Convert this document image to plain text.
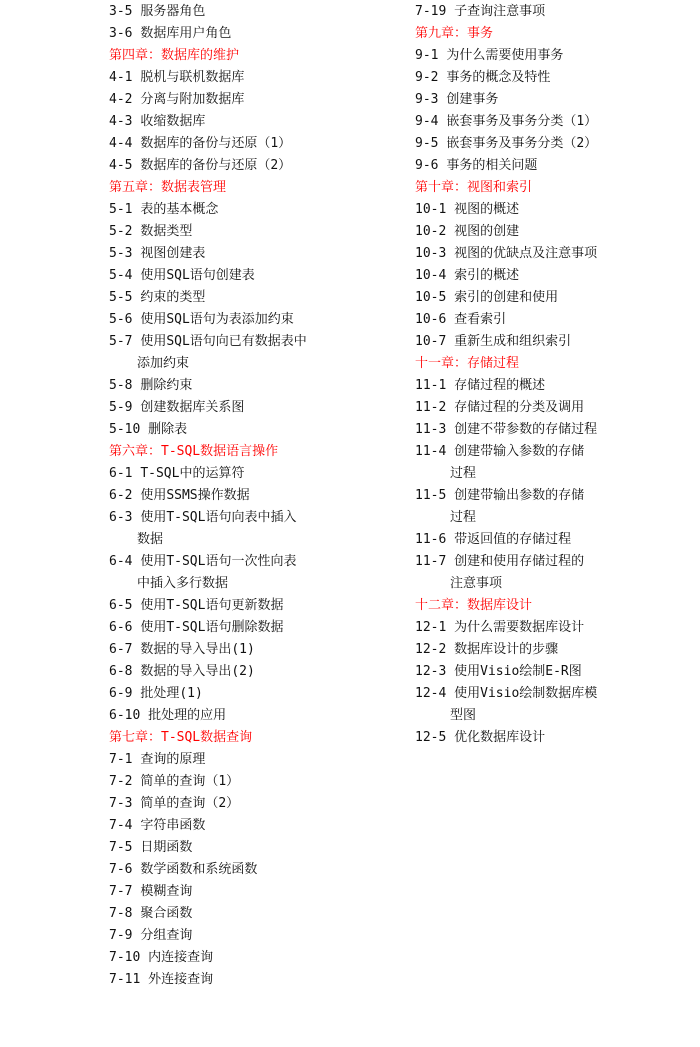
3-5 服务器角色
3-6 数据库用户角色
第四章：数据库的维护
4-1 脱机与联机数据库
4-2 分离与附加数据库
4-3 收缩数据库
4-4 数据库的备份与还原（1）
4-5 数据库的备份与还原（2）
第五章：数据表管理
5-1 表的基本概念
5-2 数据类型
5-3 视图创建表
5-4 使用SQL语句创建表
5-5 约束的类型
5-6 使用SQL语句为表添加约束
5-7 使用SQL语句向已有数据表中
添加约束
5-8 删除约束
5-9 创建数据库关系图
5-10 删除表
第六章：T-SQL数据语言操作
6-1 T-SQL中的运算符
6-2 使用SSMS操作数据
6-3 使用T-SQL语句向表中插入
数据
6-4 使用T-SQL语句一次性向表
中插入多行数据
6-5 使用T-SQL语句更新数据
6-6 使用T-SQL语句删除数据
6-7 数据的导入导出(1)
6-8 数据的导入导出(2)
6-9 批处理(1)
6-10 批处理的应用
第七章：T-SQL数据查询
7-1 查询的原理
7-2 简单的查询（1）
7-3 简单的查询（2）
7-4 字符串函数
7-5 日期函数
7-6 数学函数和系统函数
7-7 模糊查询
7-8 聚合函数
7-9 分组查询
7-10 内连接查询
7-11 外连接查询
7-19 子查询注意事项
第九章：事务
9-1 为什么需要使用事务
9-2 事务的概念及特性
9-3 创建事务
9-4 嵌套事务及事务分类（1）
9-5 嵌套事务及事务分类（2）
9-6 事务的相关问题
第十章：视图和索引
10-1 视图的概述
10-2 视图的创建
10-3 视图的优缺点及注意事项
10-4 索引的概述
10-5 索引的创建和使用
10-6 查看索引
10-7 重新生成和组织索引
十一章：存储过程
11-1 存储过程的概述
11-2 存储过程的分类及调用
11-3 创建不带参数的存储过程
11-4 创建带输入参数的存储
过程
11-5 创建带输出参数的存储
过程
11-6 带返回值的存储过程
11-7 创建和使用存储过程的
注意事项
十二章：数据库设计
12-1 为什么需要数据库设计
12-2 数据库设计的步骤
12-3 使用Visio绘制E-R图
12-4 使用Visio绘制数据库模
型图
12-5 优化数据库设计
